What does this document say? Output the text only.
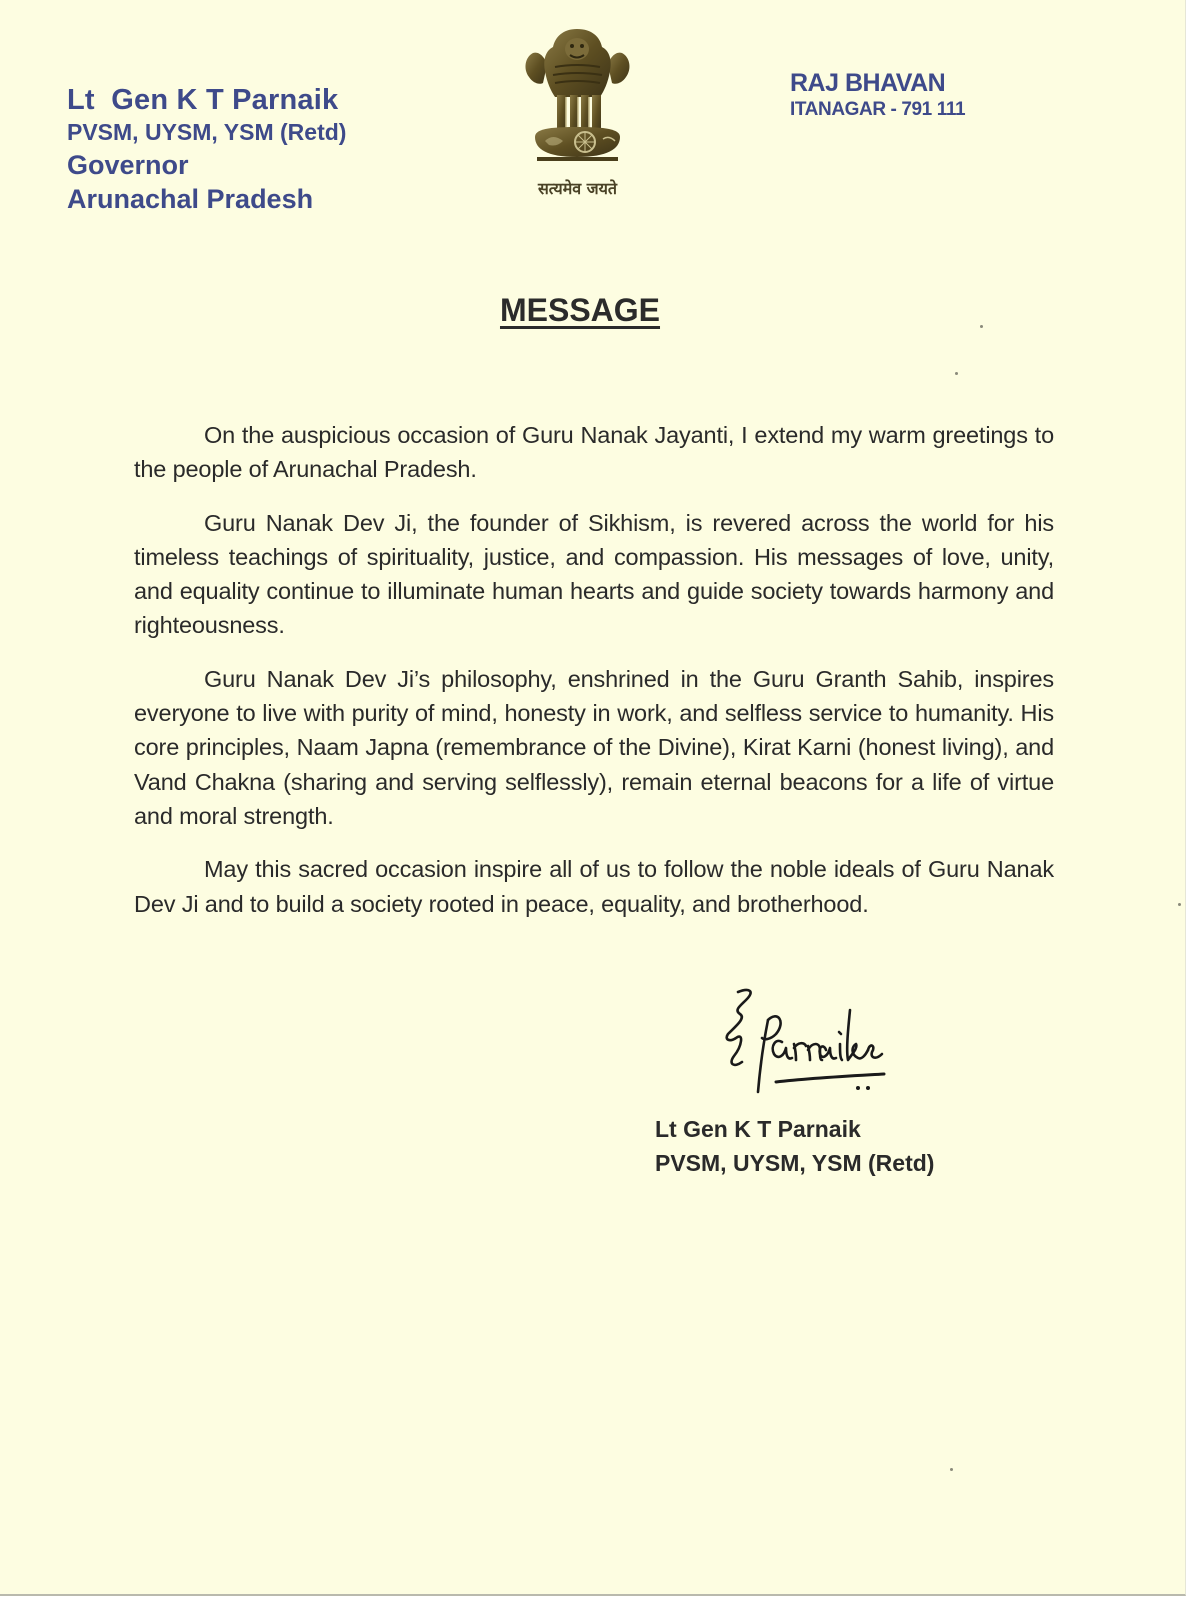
Lt  Gen K T Parnaik
PVSM, UYSM, YSM (Retd)
Governor
Arunachal Pradesh	सत्यमेव जयते
RAJ BHAVAN
ITANAGAR - 791 111
MESSAGE

On the auspicious occasion of Guru Nanak Jayanti, I extend my warm greetings to the people of Arunachal Pradesh.

Guru Nanak Dev Ji, the founder of Sikhism, is revered across the world for his timeless teachings of spirituality, justice, and compassion. His messages of love, unity, and equality continue to illuminate human hearts and guide society towards harmony and righteousness.

Guru Nanak Dev Ji’s philosophy, enshrined in the Guru Granth Sahib, inspires everyone to live with purity of mind, honesty in work, and selfless service to humanity. His core principles, Naam Japna (remembrance of the Divine), Kirat Karni (honest living), and Vand Chakna (sharing and serving selflessly), remain eternal beacons for a life of virtue and moral strength.

May this sacred occasion inspire all of us to follow the noble ideals of Guru Nanak Dev Ji and to build a society rooted in peace, equality, and brotherhood.

Lt Gen K T Parnaik
PVSM, UYSM, YSM (Retd)
